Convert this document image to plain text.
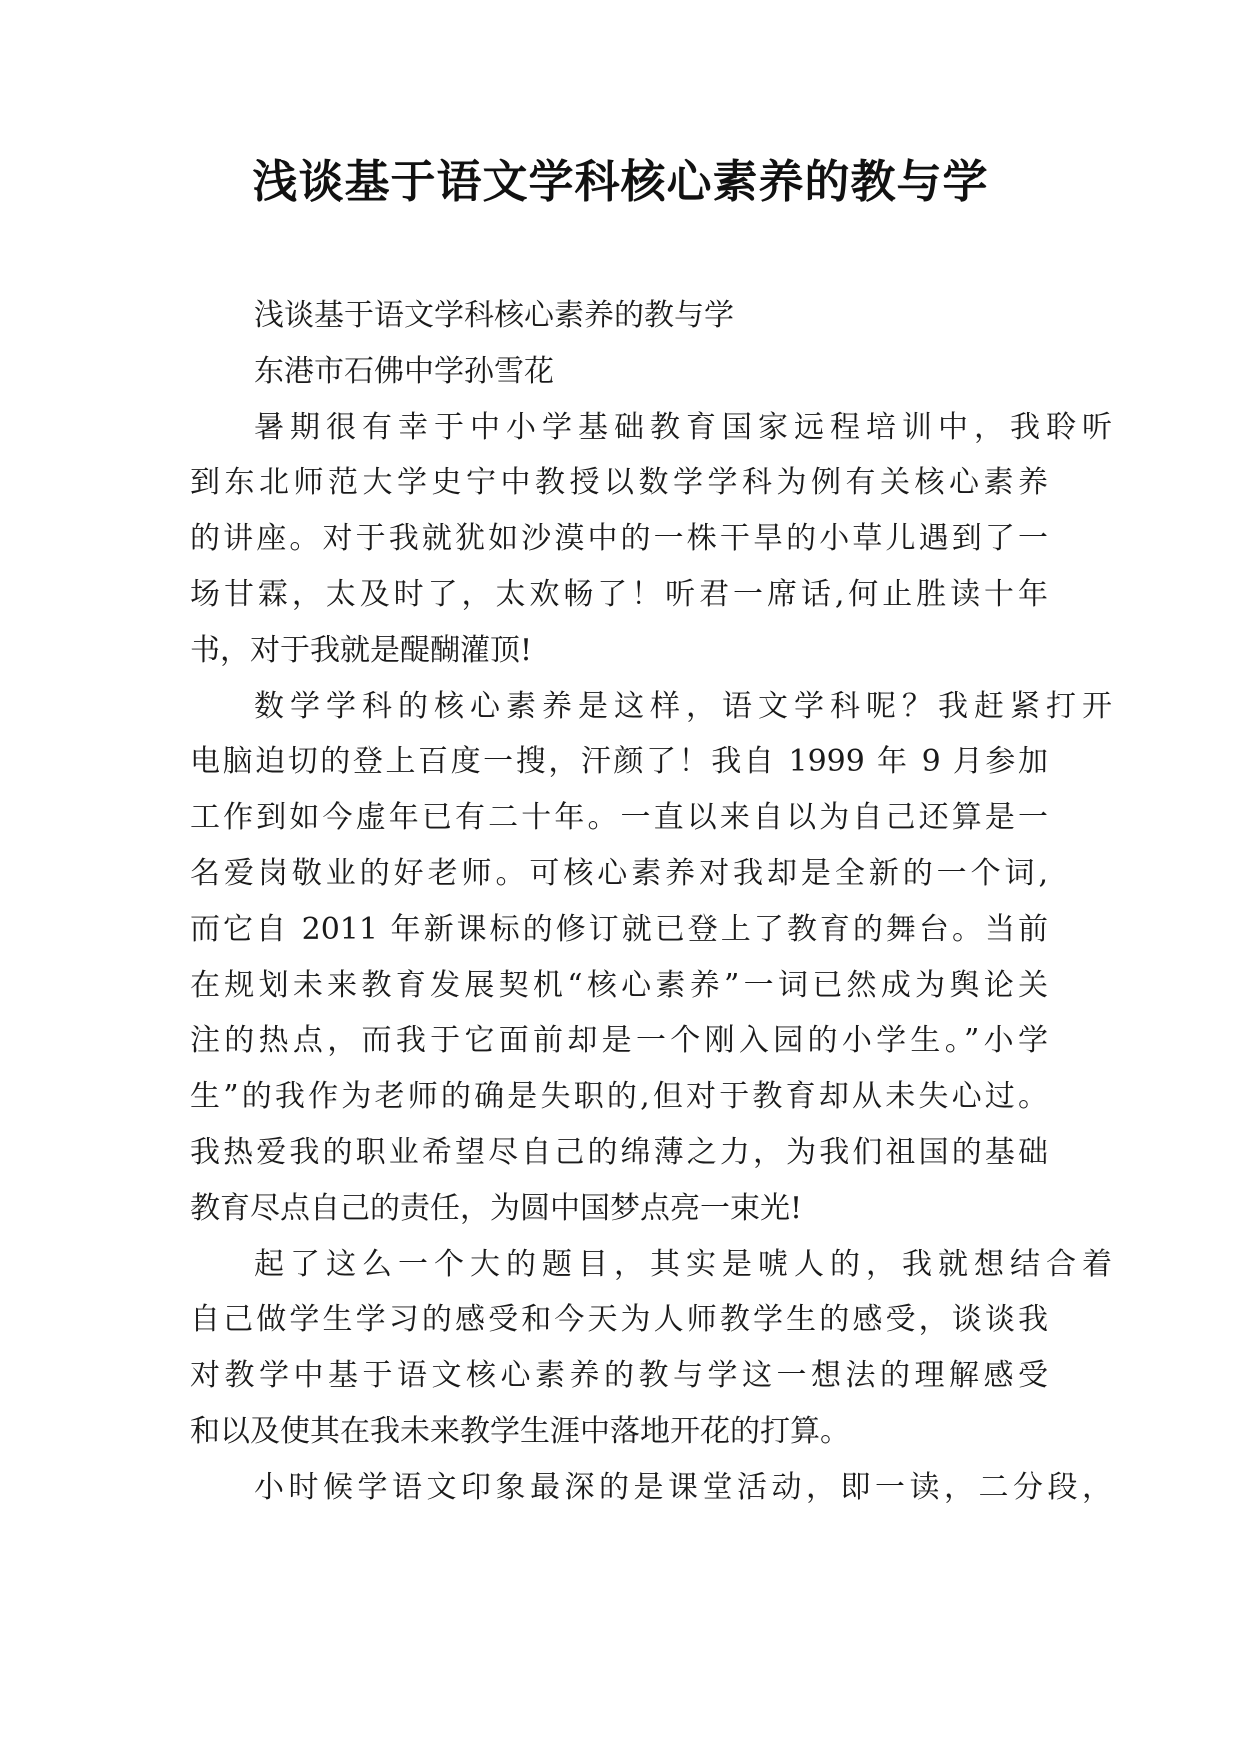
浅谈基于语文学科核心素养的教与学
浅谈基于语文学科核心素养的教与学
东港市石佛中学孙雪花
暑期很有幸于中小学基础教育国家远程培训中，我聆听
到东北师范大学史宁中教授以数学学科为例有关核心素养
的讲座。对于我就犹如沙漠中的一株干旱的小草儿遇到了一
场甘霖，太及时了，太欢畅了！听君一席话,何止胜读十年
书，对于我就是醍醐灌顶!
数学学科的核心素养是这样，语文学科呢？我赶紧打开
电脑迫切的登上百度一搜，汗颜了！我自 1999 年 9 月参加
工作到如今虚年已有二十年。一直以来自以为自己还算是一
名爱岗敬业的好老师。可核心素养对我却是全新的一个词,
而它自 2011 年新课标的修订就已登上了教育的舞台。当前
在规划未来教育发展契机“核心素养”一词已然成为舆论关
注的热点，而我于它面前却是一个刚入园的小学生。”小学
生”的我作为老师的确是失职的,但对于教育却从未失心过。
我热爱我的职业希望尽自己的绵薄之力，为我们祖国的基础
教育尽点自己的责任，为圆中国梦点亮一束光!
起了这么一个大的题目，其实是唬人的，我就想结合着
自己做学生学习的感受和今天为人师教学生的感受，谈谈我
对教学中基于语文核心素养的教与学这一想法的理解感受
和以及使其在我未来教学生涯中落地开花的打算。
小时候学语文印象最深的是课堂活动，即一读，二分段，
